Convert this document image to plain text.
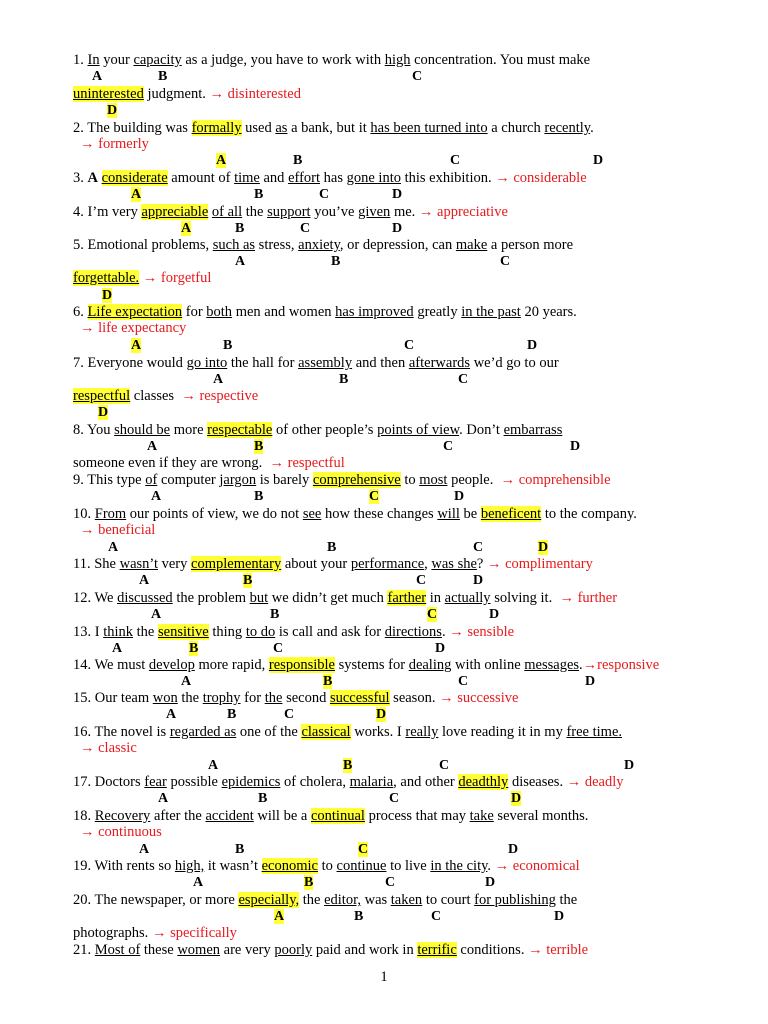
1. In your capacity as a judge, you have to work with high concentration. You must make
A	B	C
uninterested judgment. → disinterested
D
2. The building was formally used as a bank, but it has been turned into a church recently.
→ formerly
A	B	C	D
3. A considerate amount of time and effort has gone into this exhibition. → considerable
A	B	C	D
4. I’m very appreciable of all the support you’ve given me. → appreciative
A	B	C	D
5. Emotional problems, such as stress, anxiety, or depression, can make a person more
A	B	C
forgettable. → forgetful
D
6. Life expectation for both men and women has improved greatly in the past 20 years.
→ life expectancy
A	B	C	D
7. Everyone would go into the hall for assembly and then afterwards we’d go to our
A	B	C
respectful classes → respective
D
8. You should be more respectable of other people’s points of view. Don’t embarrass
A	B	C	D
someone even if they are wrong. → respectful
9. This type of computer jargon is barely comprehensive to most people. → comprehensible
A	B	C	D
10. From our points of view, we do not see how these changes will be beneficent to the company.
→ beneficial
A	B	C	D
11. She wasn’t very complementary about your performance, was she? → complimentary
A	B	C	D
12. We discussed the problem but we didn’t get much farther in actually solving it. → further
A	B	C	D
13. I think the sensitive thing to do is call and ask for directions. → sensible
A	B	C	D
14. We must develop more rapid, responsible systems for dealing with online messages.→responsive
A	B	C	D
15. Our team won the trophy for the second successful season. → successive
A	B	C	D
16. The novel is regarded as one of the classical works. I really love reading it in my free time.
→ classic
A	B	C	D
17. Doctors fear possible epidemics of cholera, malaria, and other deadthly diseases. → deadly
A	B	C	D
18. Recovery after the accident will be a continual process that may take several months.
→ continuous
A	B	C	D
19. With rents so high, it wasn’t economic to continue to live in the city. → economical
A	B	C	D
20. The newspaper, or more especially, the editor, was taken to court for publishing the
A	B	C	D
photographs. → specifically
21. Most of these women are very poorly paid and work in terrific conditions. → terrible
1
